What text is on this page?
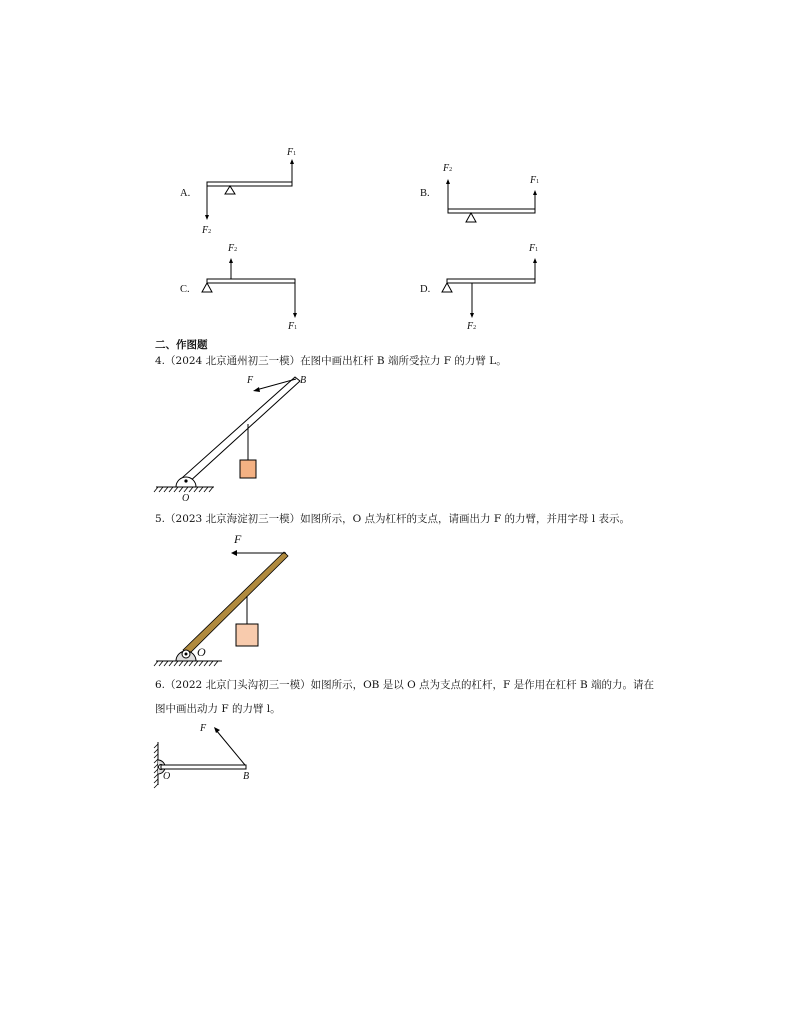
A.
F1
F2
B.
F2
F1
C.
F2
F1
D.
F1
F2
二、作图题
4.（2024 北京通州初三一模）在图中画出杠杆 B 端所受拉力 F 的力臂 L。
F	B
O
5.（2023 北京海淀初三一模）如图所示，O 点为杠杆的支点，请画出力 F 的力臂，并用字母 l 表示。
F
O
6.（2022 北京门头沟初三一模）如图所示，OB 是以 O 点为支点的杠杆，F 是作用在杠杆 B 端的力。请在
图中画出动力 F 的力臂 l。
F
O	B
